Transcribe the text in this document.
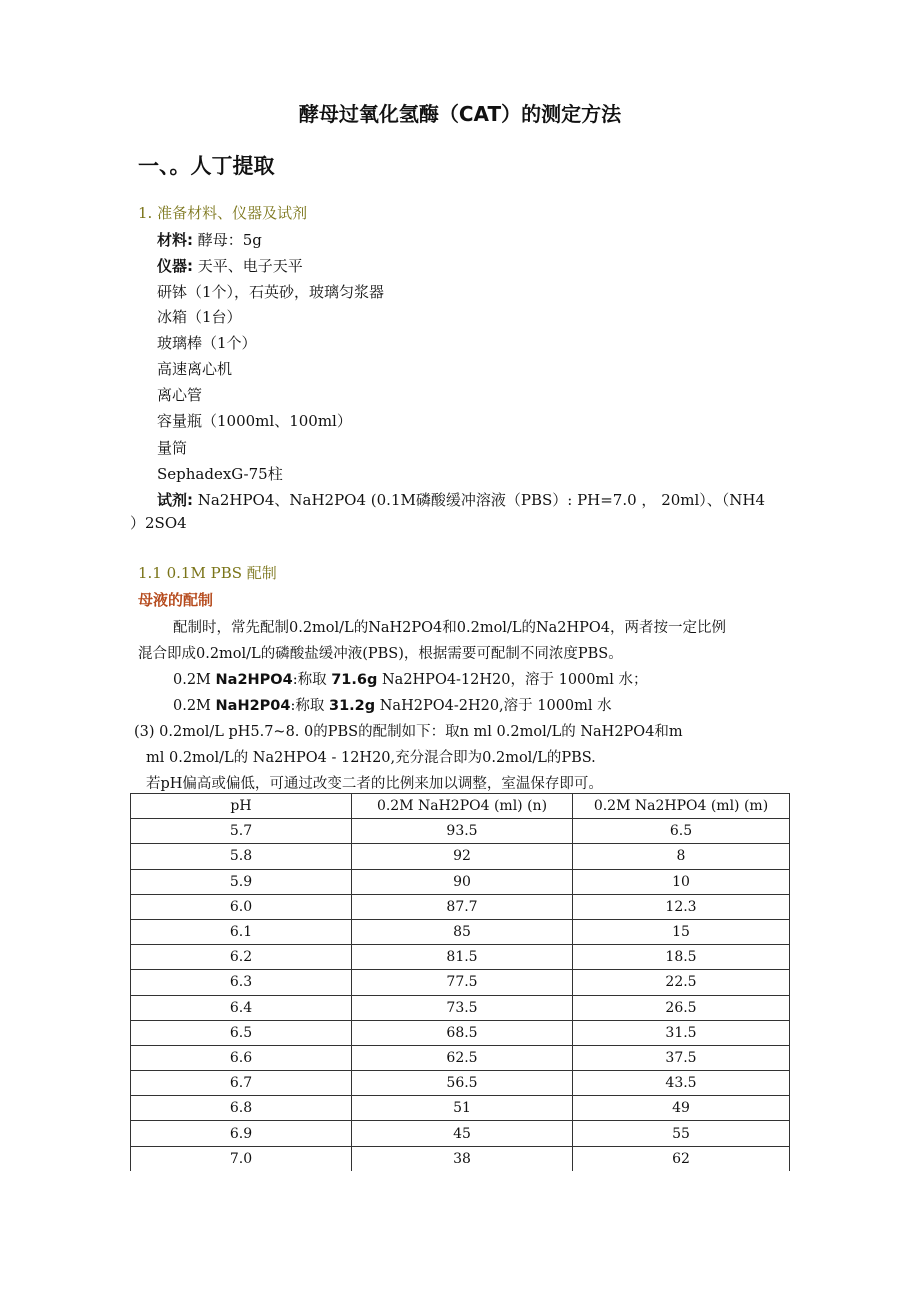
酵母过氧化氢酶（CAT）的测定方法
一、。人丁提取
1. 准备材料、仪器及试剂
材料: 酵母：5g
仪器: 天平、电子天平
研钵（1个），石英砂，玻璃匀浆器
冰箱（1台）
玻璃棒（1个）
高速离心机
离心管
容量瓶（1000ml、100ml）
量筒
SephadexG-75柱
试剂: Na2HPO4、NaH2PO4 (0.1M磷酸缓冲溶液（PBS）: PH=7.0 ， 20ml）、（NH4
）2SO4
1.1 0.1M PBS 配制
母液的配制
配制时，常先配制0.2mol/L的NaH2PO4和0.2mol/L的Na2HPO4，两者按一定比例
混合即成0.2mol/L的磷酸盐缓冲液(PBS)，根据需要可配制不同浓度PBS。
0.2M Na2HPO4:称取 71.6g Na2HPO4-12H20，溶于 1000ml 水；
0.2M NaH2P04:称取 31.2g NaH2PO4-2H20,溶于 1000ml 水
(3) 0.2mol/L pH5.7~8. 0的PBS的配制如下：取n ml 0.2mol/L的 NaH2PO4和m
ml 0.2mol/L的 Na2HPO4 - 12H20,充分混合即为0.2mol/L的PBS.
若pH偏高或偏低，可通过改变二者的比例来加以调整，室温保存即可。
pH	0.2M NaH2PO4 (ml) (n)	0.2M Na2HPO4 (ml) (m)
5.7	93.5	6.5
5.8	92	8
5.9	90	10
6.0	87.7	12.3
6.1	85	15
6.2	81.5	18.5
6.3	77.5	22.5
6.4	73.5	26.5
6.5	68.5	31.5
6.6	62.5	37.5
6.7	56.5	43.5
6.8	51	49
6.9	45	55
7.0	38	62
